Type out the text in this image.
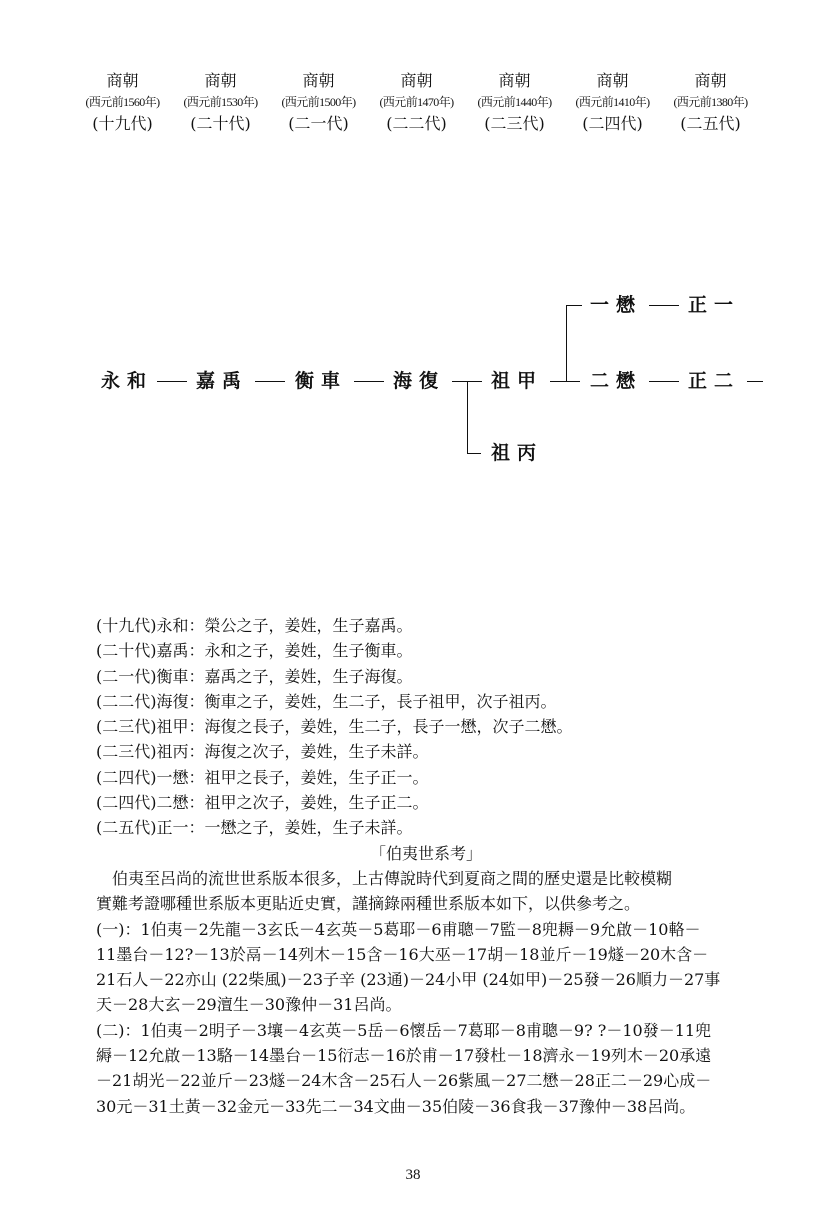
商朝
(西元前1560年)
(十九代)
商朝
(西元前1530年)
(二十代)
商朝
(西元前1500年)
(二一代)
商朝
(西元前1470年)
(二二代)
商朝
(西元前1440年)
(二三代)
商朝
(西元前1410年)
(二四代)
商朝
(西元前1380年)
(二五代)
永和 嘉禹 衡車 海復
祖丙
祖甲
一懋 正一
二懋 正二
(十九代)永和：榮公之子，姜姓，生子嘉禹。
(二十代)嘉禹：永和之子，姜姓，生子衡車。
(二一代)衡車：嘉禹之子，姜姓，生子海復。
(二二代)海復：衡車之子，姜姓，生二子，長子祖甲，次子祖丙。
(二三代)祖甲：海復之長子，姜姓，生二子，長子一懋，次子二懋。
(二三代)祖丙：海復之次子，姜姓，生子未詳。
(二四代)一懋：祖甲之長子，姜姓，生子正一。
(二四代)二懋：祖甲之次子，姜姓，生子正二。
(二五代)正一：一懋之子，姜姓，生子未詳。
「伯夷世系考」
　伯夷至呂尚的流世世系版本很多，上古傳說時代到夏商之間的歷史還是比較模糊
實難考證哪種世系版本更貼近史實，謹摘錄兩種世系版本如下，以供參考之。
(一)：1伯夷－2先龍－3玄氐－4玄英－5葛耶－6甫聰－7監－8兜耨－9允啟－10輅－
11墨台－12?－13於鬲－14列木－15含－16大巫－17胡－18並斤－19燧－20木含－
21石人－22亦山 (22柴風)－23子辛 (23通)－24小甲 (24如甲)－25發－26順力－27事
天－28大玄－29澶生－30豫仲－31呂尚。
(二)：1伯夷－2明子－3壤－4玄英－5岳－6懷岳－7葛耶－8甫聰－9? ?－10發－11兜
縟－12允啟－13駱－14墨台－15衍志－16於甫－17發杜－18濟永－19列木－20承遠
－21胡光－22並斤－23燧－24木含－25石人－26紫風－27二懋－28正二－29心成－
30元－31土黃－32金元－33先二－34文曲－35伯陵－36食我－37豫仲－38呂尚。
38
